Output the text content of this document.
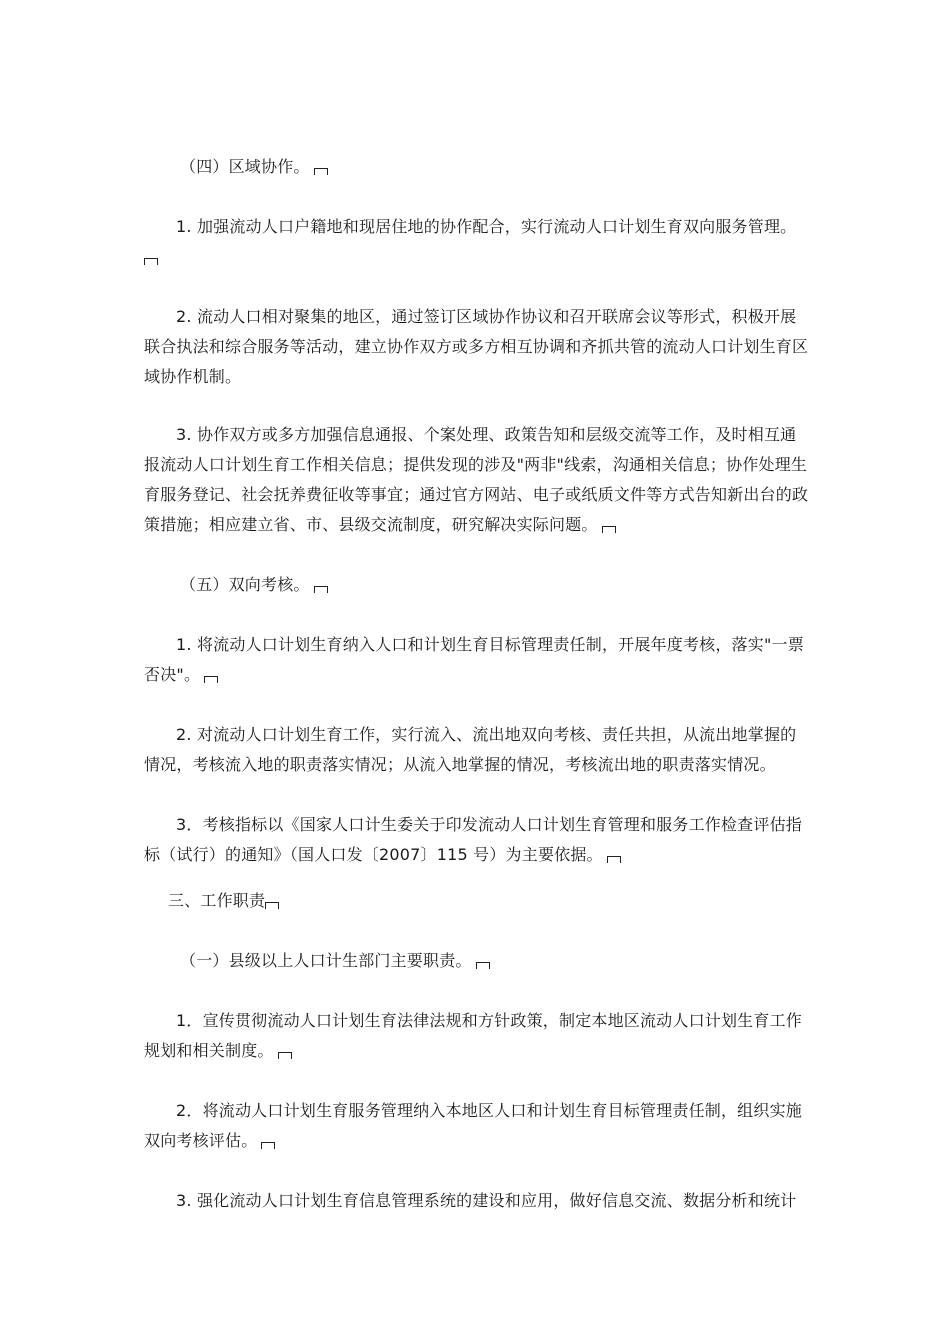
（四）区域协作。

1. 加强流动人口户籍地和现居住地的协作配合，实行流动人口计划生育双向服务管理。

2. 流动人口相对聚集的地区，通过签订区域协作协议和召开联席会议等形式，积极开展联合执法和综合服务等活动，建立协作双方或多方相互协调和齐抓共管的流动人口计划生育区域协作机制。

3. 协作双方或多方加强信息通报、个案处理、政策告知和层级交流等工作，及时相互通报流动人口计划生育工作相关信息；提供发现的涉及"两非"线索，沟通相关信息；协作处理生育服务登记、社会抚养费征收等事宜；通过官方网站、电子或纸质文件等方式告知新出台的政策措施；相应建立省、市、县级交流制度，研究解决实际问题。

（五）双向考核。

1. 将流动人口计划生育纳入人口和计划生育目标管理责任制，开展年度考核，落实"一票否决"。

2. 对流动人口计划生育工作，实行流入、流出地双向考核、责任共担，从流出地掌握的情况，考核流入地的职责落实情况；从流入地掌握的情况，考核流出地的职责落实情况。

3．考核指标以《国家人口计生委关于印发流动人口计划生育管理和服务工作检查评估指标（试行）的通知》（国人口发〔2007〕115 号）为主要依据。

三、工作职责

（一）县级以上人口计生部门主要职责。

1．宣传贯彻流动人口计划生育法律法规和方针政策，制定本地区流动人口计划生育工作规划和相关制度。

2．将流动人口计划生育服务管理纳入本地区人口和计划生育目标管理责任制，组织实施双向考核评估。

3. 强化流动人口计划生育信息管理系统的建设和应用，做好信息交流、数据分析和统计
